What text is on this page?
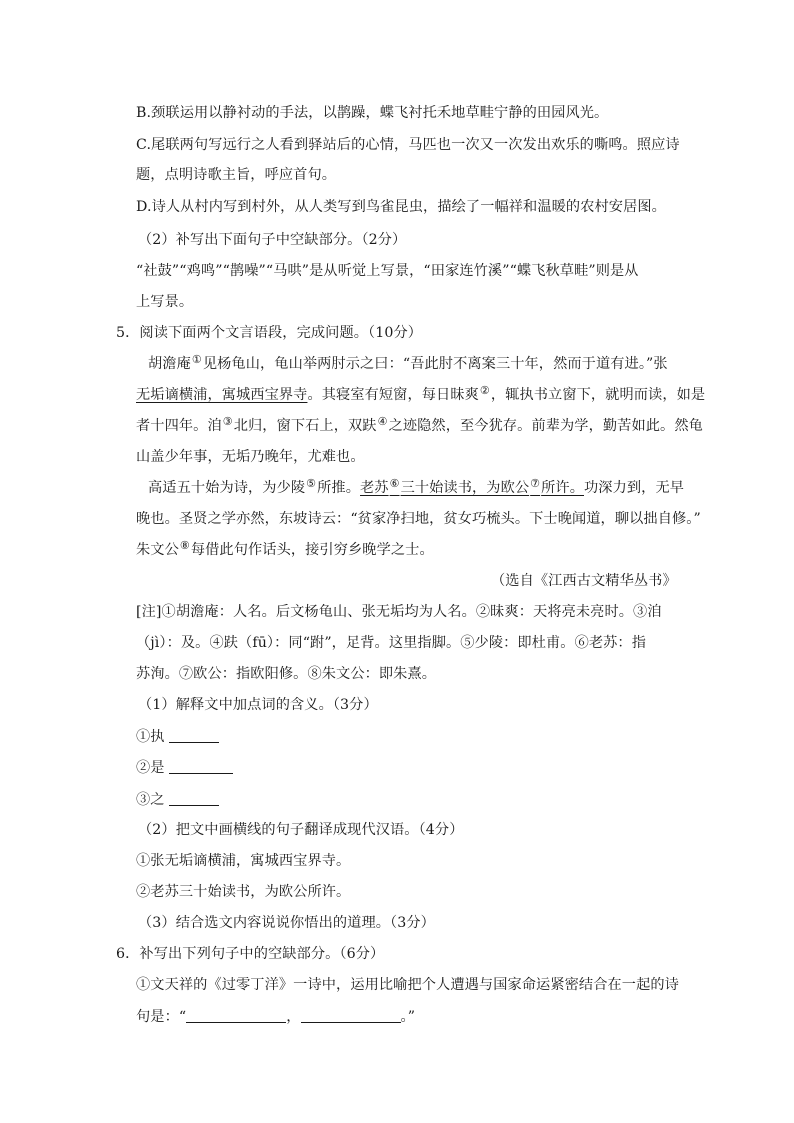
B.颈联运用以静衬动的手法，以鹊躁，蝶飞衬托禾地草畦宁静的田园风光。
C.尾联两句写远行之人看到驿站后的心情，马匹也一次又一次发出欢乐的嘶鸣。照应诗
题，点明诗歌主旨，呼应首句。
D.诗人从村内写到村外，从人类写到鸟雀昆虫，描绘了一幅祥和温暖的农村安居图。
（2）补写出下面句子中空缺部分。（2分）
“社鼓”“鸡鸣”“鹊噪”“马哄”是从听觉上写景，“田家连竹溪”“蝶飞秋草畦”则是从
上写景。
5．阅读下面两个文言语段，完成问题。（10分）
胡澹庵①见杨龟山，龟山举两肘示之曰：“吾此肘不离案三十年，然而于道有进。”张
无垢谪横浦，寓城西宝界寺。其寝室有短窗，每日昧爽②，辄执书立窗下，就明而读，如是
者十四年。洎③北归，窗下石上，双趺④之迹隐然，至今犹存。前辈为学，勤苦如此。然龟
山盖少年事，无垢乃晚年，尤难也。
高适五十始为诗，为少陵⑤所推。老苏⑥三十始读书，为欧公⑦所许。功深力到，无早
晚也。圣贤之学亦然，东坡诗云：“贫家净扫地，贫女巧梳头。下士晚闻道，聊以拙自修。”
朱文公⑧每借此句作话头，接引穷乡晚学之士。
（选自《江西古文精华丛书》
[注]①胡澹庵：人名。后文杨龟山、张无垢均为人名。②昧爽：天将亮未亮时。③洎
（jì）：及。④趺（fū）：同“跗”，足背。这里指脚。⑤少陵：即杜甫。⑥老苏：指
苏洵。⑦欧公：指欧阳修。⑧朱文公：即朱熹。
（1）解释文中加点词的含义。（3分）
①执
②是
③之
（2）把文中画横线的句子翻译成现代汉语。（4分）
①张无垢谪横浦，寓城西宝界寺。
②老苏三十始读书，为欧公所许。
（3）结合选文内容说说你悟出的道理。（3分）
6．补写出下列句子中的空缺部分。（6分）
①文天祥的《过零丁洋》一诗中，运用比喻把个人遭遇与国家命运紧密结合在一起的诗
句是：“	，	。”
